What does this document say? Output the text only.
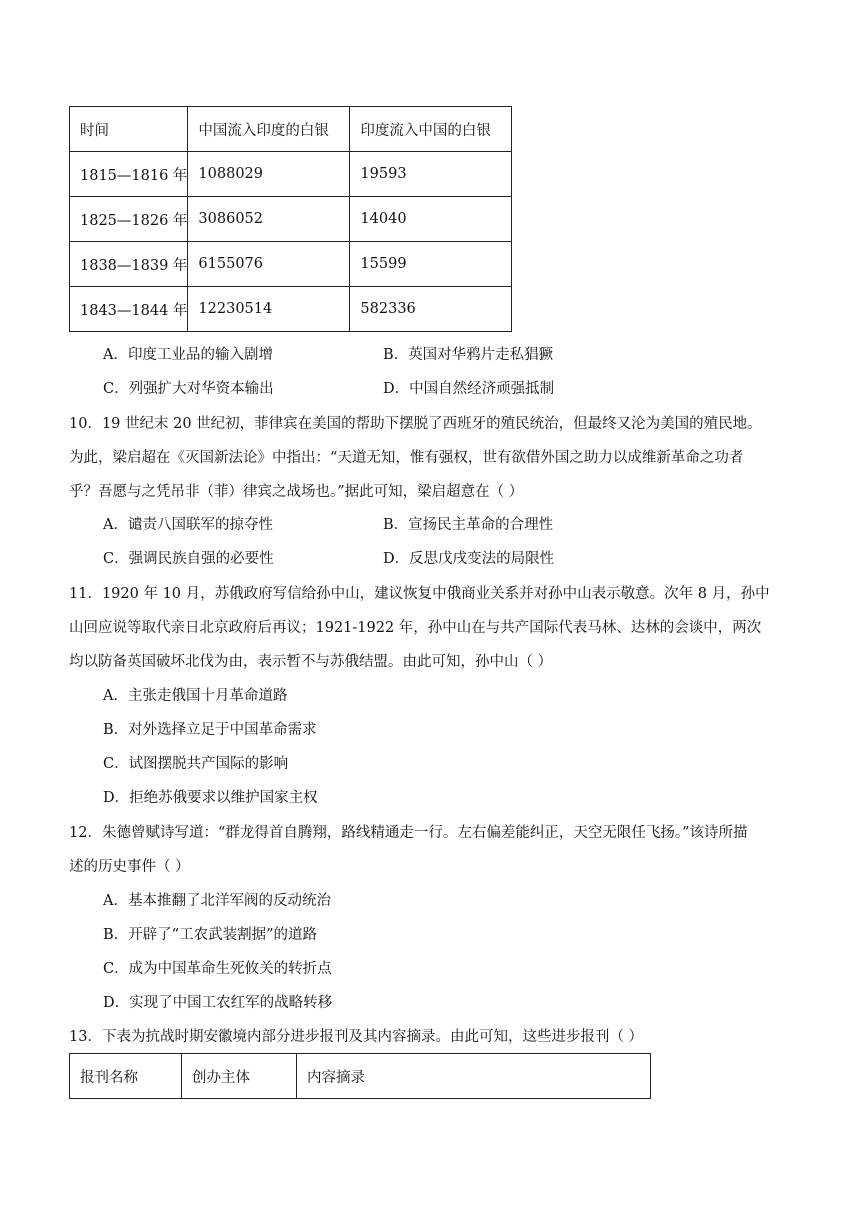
时间	中国流入印度的白银	印度流入中国的白银
1815—1816 年	1088029	19593
1825—1826 年	3086052	14040
1838—1839 年	6155076	15599
1843—1844 年	12230514	582336
A．印度工业品的输入剧增	B．英国对华鸦片走私猖獗
C．列强扩大对华资本输出	D．中国自然经济顽强抵制
10．19 世纪末 20 世纪初，菲律宾在美国的帮助下摆脱了西班牙的殖民统治，但最终又沦为美国的殖民地。
为此，梁启超在《灭国新法论》中指出：“天道无知，惟有强权，世有欲借外国之助力以成维新革命之功者
乎？吾愿与之凭吊非（菲）律宾之战场也。”据此可知，梁启超意在（ ）
A．谴责八国联军的掠夺性	B．宣扬民主革命的合理性
C．强调民族自强的必要性	D．反思戊戌变法的局限性
11．1920 年 10 月，苏俄政府写信给孙中山，建议恢复中俄商业关系并对孙中山表示敬意。次年 8 月，孙中
山回应说等取代亲日北京政府后再议；1921-1922 年，孙中山在与共产国际代表马林、达林的会谈中，两次
均以防备英国破坏北伐为由，表示暂不与苏俄结盟。由此可知，孙中山（ ）
A．主张走俄国十月革命道路
B．对外选择立足于中国革命需求
C．试图摆脱共产国际的影响
D．拒绝苏俄要求以维护国家主权
12．朱德曾赋诗写道：“群龙得首自腾翔，路线精通走一行。左右偏差能纠正，天空无限任飞扬。”该诗所描
述的历史事件（ ）
A．基本推翻了北洋军阀的反动统治
B．开辟了“工农武装割据”的道路
C．成为中国革命生死攸关的转折点
D．实现了中国工农红军的战略转移
13．下表为抗战时期安徽境内部分进步报刊及其内容摘录。由此可知，这些进步报刊（ ）
报刊名称	创办主体	内容摘录
